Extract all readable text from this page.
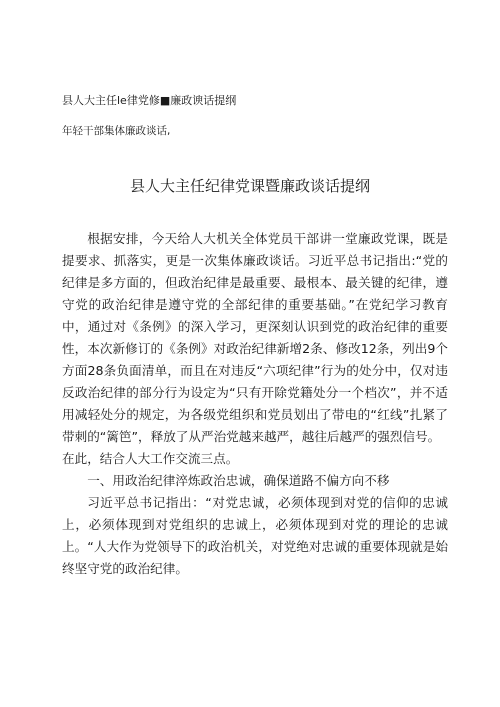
县人大主任le律党修■廉政谀话提纲
年轻干部集体廉政谈话,
县人大主任纪律党课暨廉政谈话提纲

根据安排，今天给人大机关全体党员干部讲一堂廉政党课，既是提要求、抓落实，更是一次集体廉政谈话。习近平总书记指出:“党的纪律是多方面的，但政治纪律是最重要、最根本、最关键的纪律，遵守党的政治纪律是遵守党的全部纪律的重要基础。”在党纪学习教育中，通过对《条例》的深入学习，更深刻认识到党的政治纪律的重要性，本次新修订的《条例》对政治纪律新增2条、修改12条，列出9个方面28条负面清单，而且在对违反“六项纪律”行为的处分中，仅对违反政治纪律的部分行为设定为“只有开除党籍处分一个档次”，并不适用减轻处分的规定，为各级党组织和党员划出了带电的“红线”扎紧了带刺的“篱笆”，释放了从严治党越来越严，越往后越严的强烈信号。

在此，结合人大工作交流三点。

一、用政治纪律淬炼政治忠诚，确保道路不偏方向不移

习近平总书记指出：“对党忠诚，必须体现到对党的信仰的忠诚上，必须体现到对党组织的忠诚上，必须体现到对党的理论的忠诚上。“人大作为党领导下的政治机关，对党绝对忠诚的重要体现就是始终坚守党的政治纪律。
